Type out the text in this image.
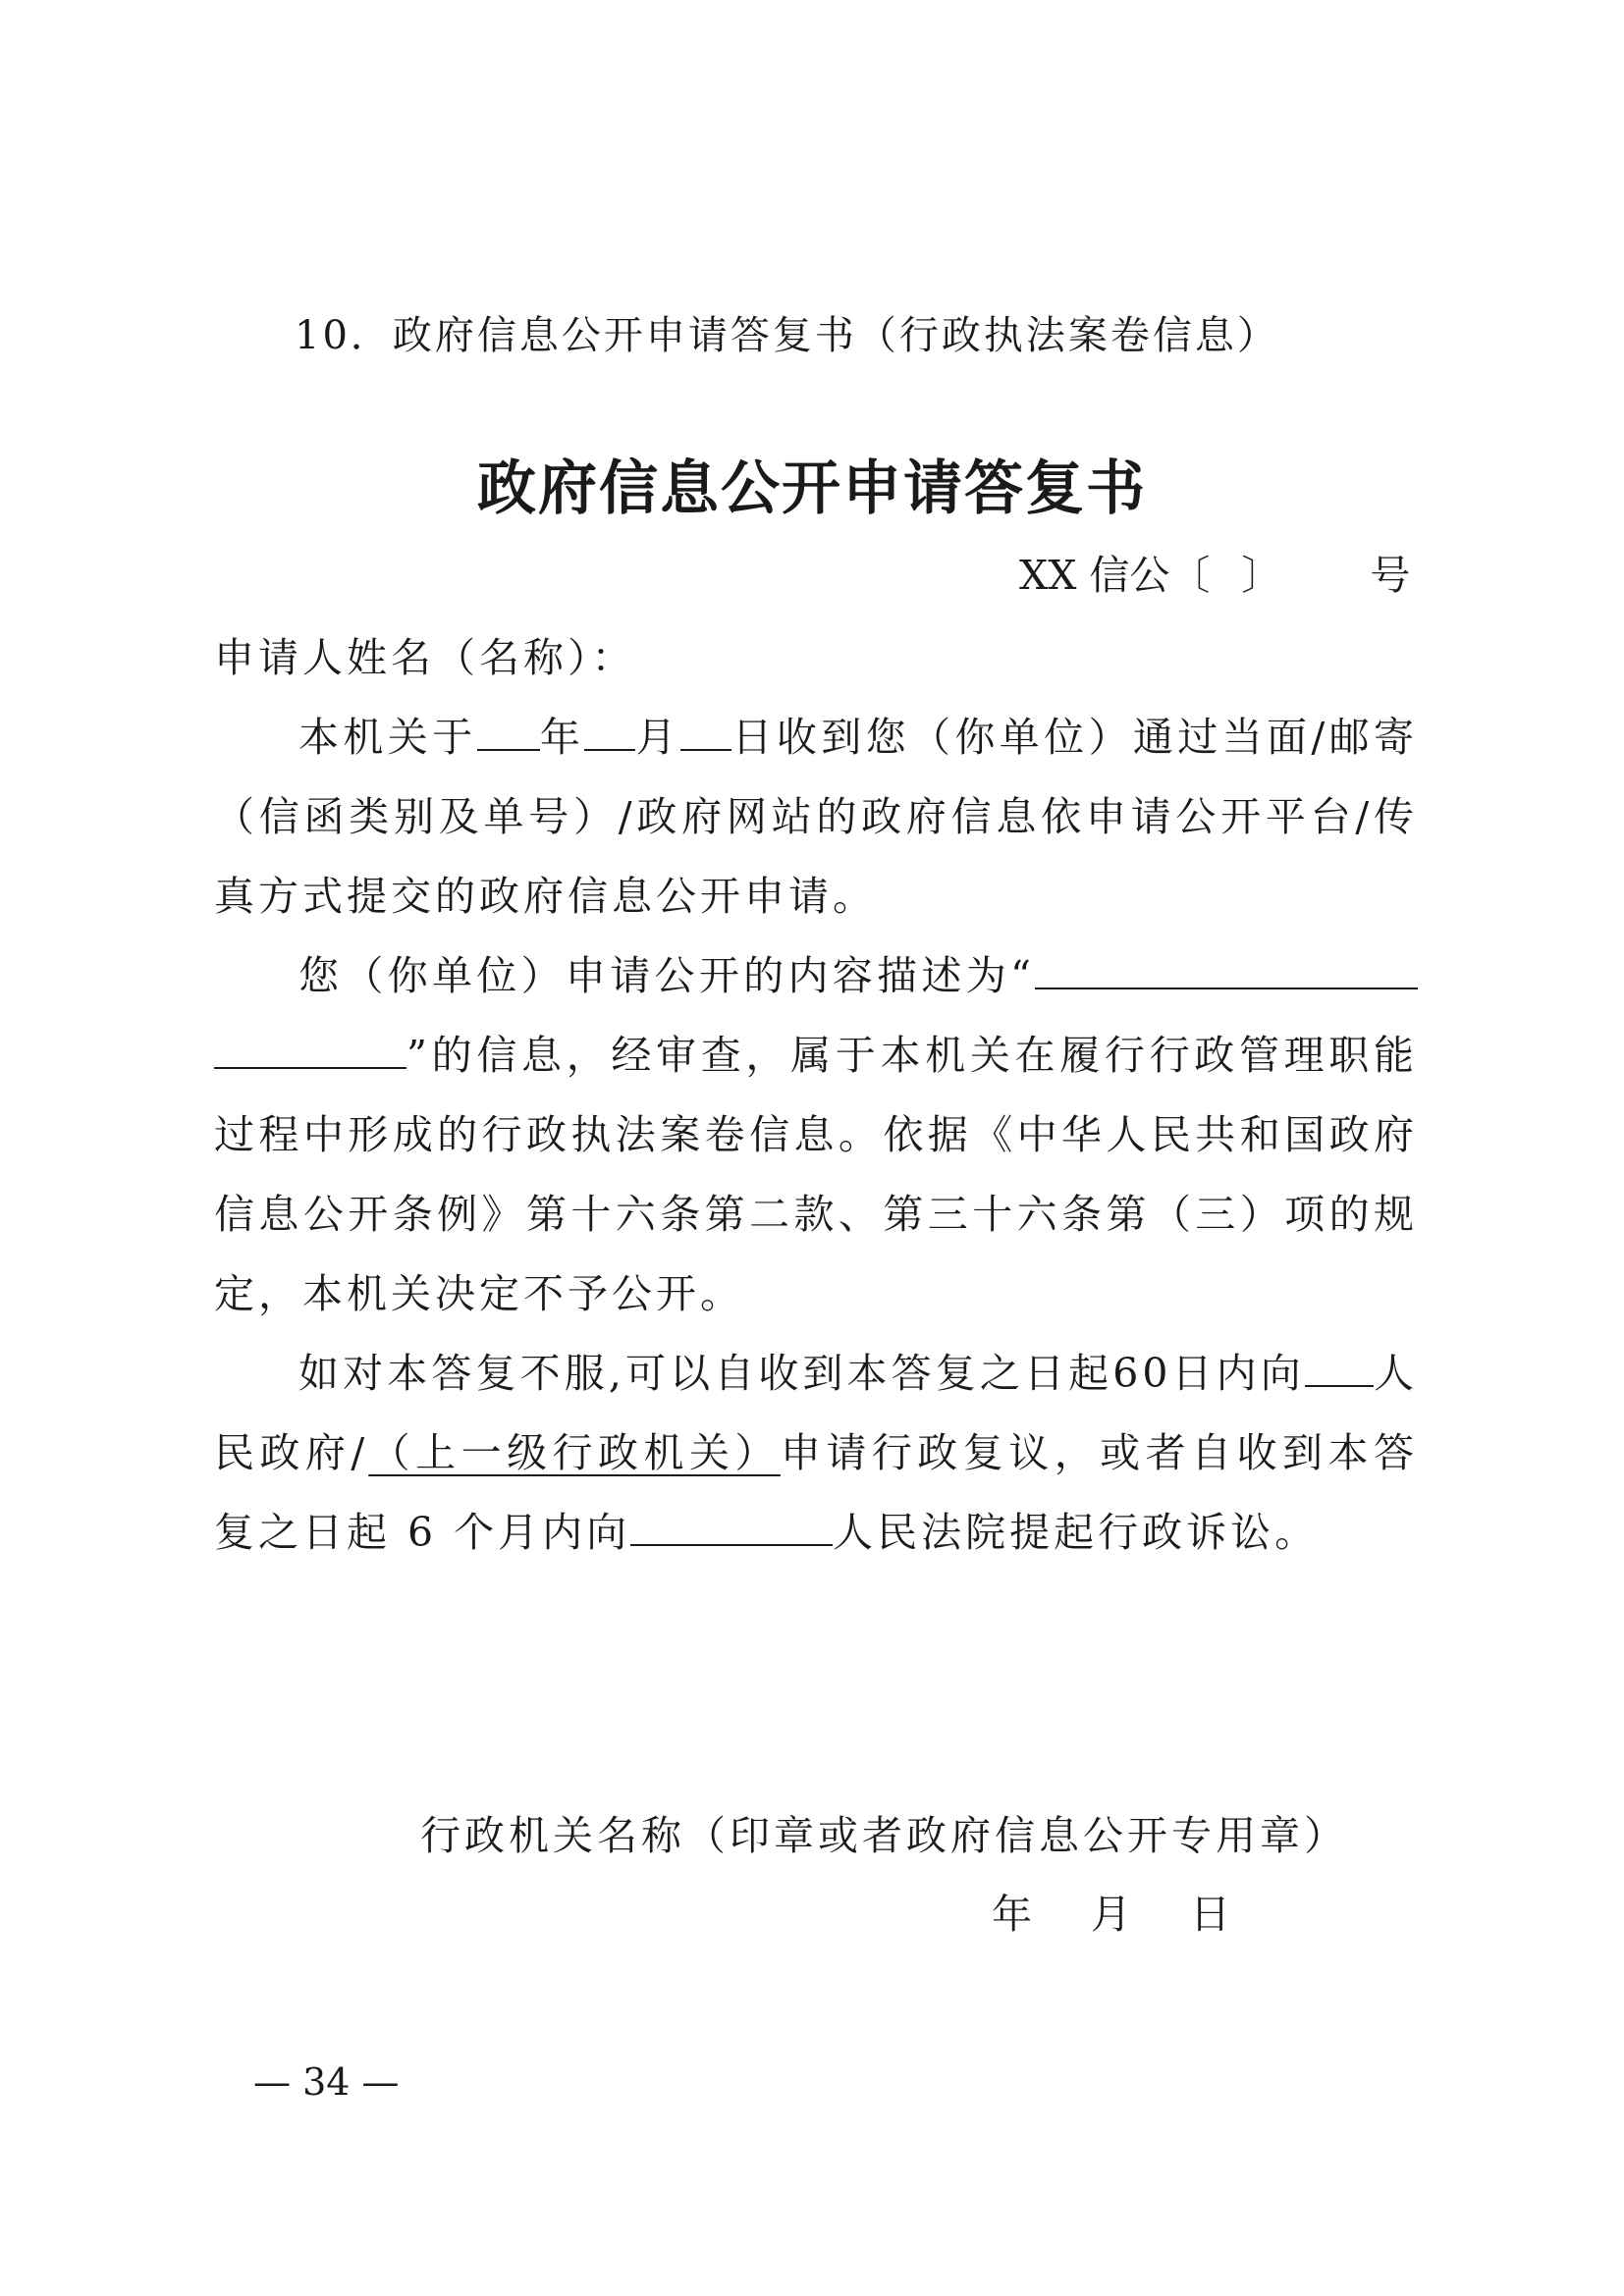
10．政府信息公开申请答复书（行政执法案卷信息）
政府信息公开申请答复书
XX 信公〔 〕 号

申请人姓名（名称）：

本机关于 年 月 日收到您（你单位）通过当面/邮寄（信函类别及单号）/政府网站的政府信息依申请公开平台/传真方式提交的政府信息公开申请。

您（你单位）申请公开的内容描述为“”的信息，经审查，属于本机关在履行行政管理职能过程中形成的行政执法案卷信息。依据《中华人民共和国政府信息公开条例》第十六条第二款、第三十六条第（三）项的规定，本机关决定不予公开。

如对本答复不服,可以自收到本答复之日起60日内向 人民政府/（上一级行政机关）申请行政复议，或者自收到本答复之日起 6 个月内向	人民法院提起行政诉讼。

行政机关名称（印章或者政府信息公开专用章）
年 月 日
— 34 —
